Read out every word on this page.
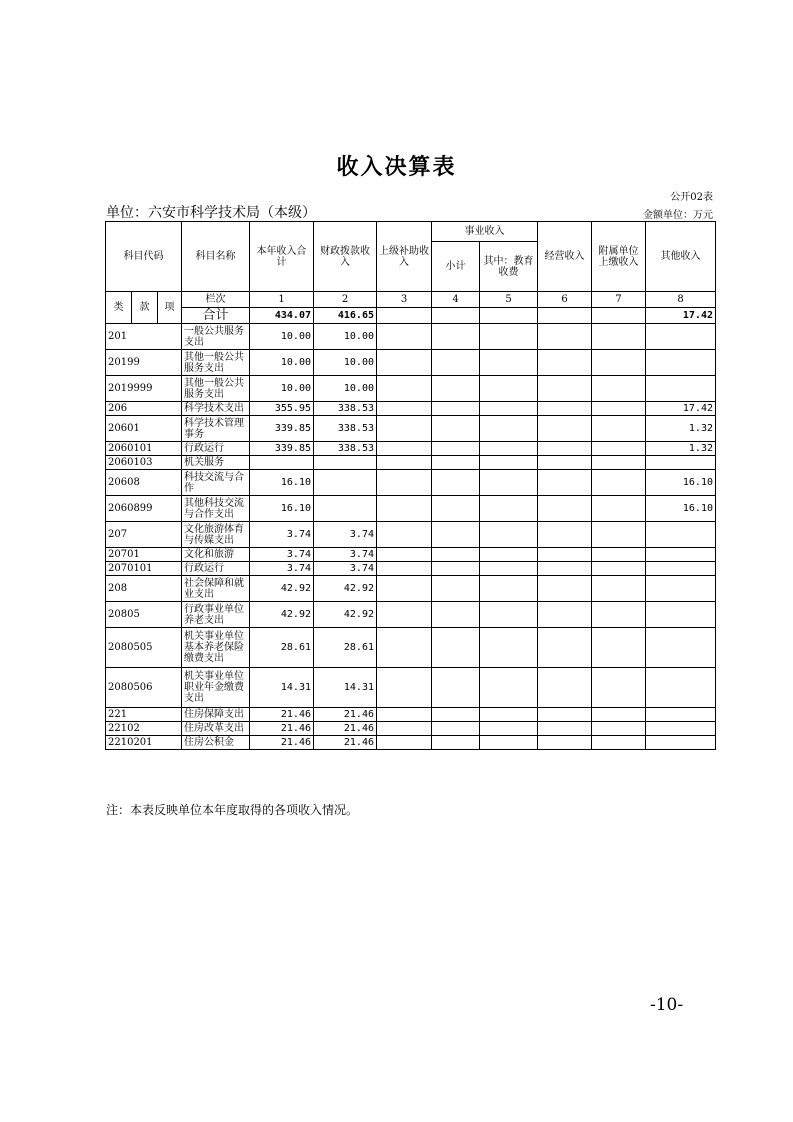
收入决算表
公开02表
单位：六安市科学技术局（本级）	金额单位：万元
科目代码			科目名称	本年收入合计	财政拨款收入	上级补助收入	事业收入		经营收入	附属单位上缴收入	其他收入
							小计	其中：教育收费			
类	款	项	栏次	1	2	3	4	5	6	7	8
			合计	434.07	416.65						17.42
201			一般公共服务支出	10.00	10.00						
20199			其他一般公共服务支出	10.00	10.00						
2019999			其他一般公共服务支出	10.00	10.00						
206			科学技术支出	355.95	338.53						17.42
20601			科学技术管理事务	339.85	338.53						1.32
2060101			行政运行	339.85	338.53						1.32
2060103			机关服务								
20608			科技交流与合作	16.10							16.10
2060899			其他科技交流与合作支出	16.10							16.10
207			文化旅游体育与传媒支出	3.74	3.74						
20701			文化和旅游	3.74	3.74						
2070101			行政运行	3.74	3.74						
208			社会保障和就业支出	42.92	42.92						
20805			行政事业单位养老支出	42.92	42.92						
2080505			机关事业单位基本养老保险缴费支出	28.61	28.61						
2080506			机关事业单位职业年金缴费支出	14.31	14.31						
221			住房保障支出	21.46	21.46						
22102			住房改革支出	21.46	21.46						
2210201			住房公积金	21.46	21.46						
注：本表反映单位本年度取得的各项收入情况。
-10-
